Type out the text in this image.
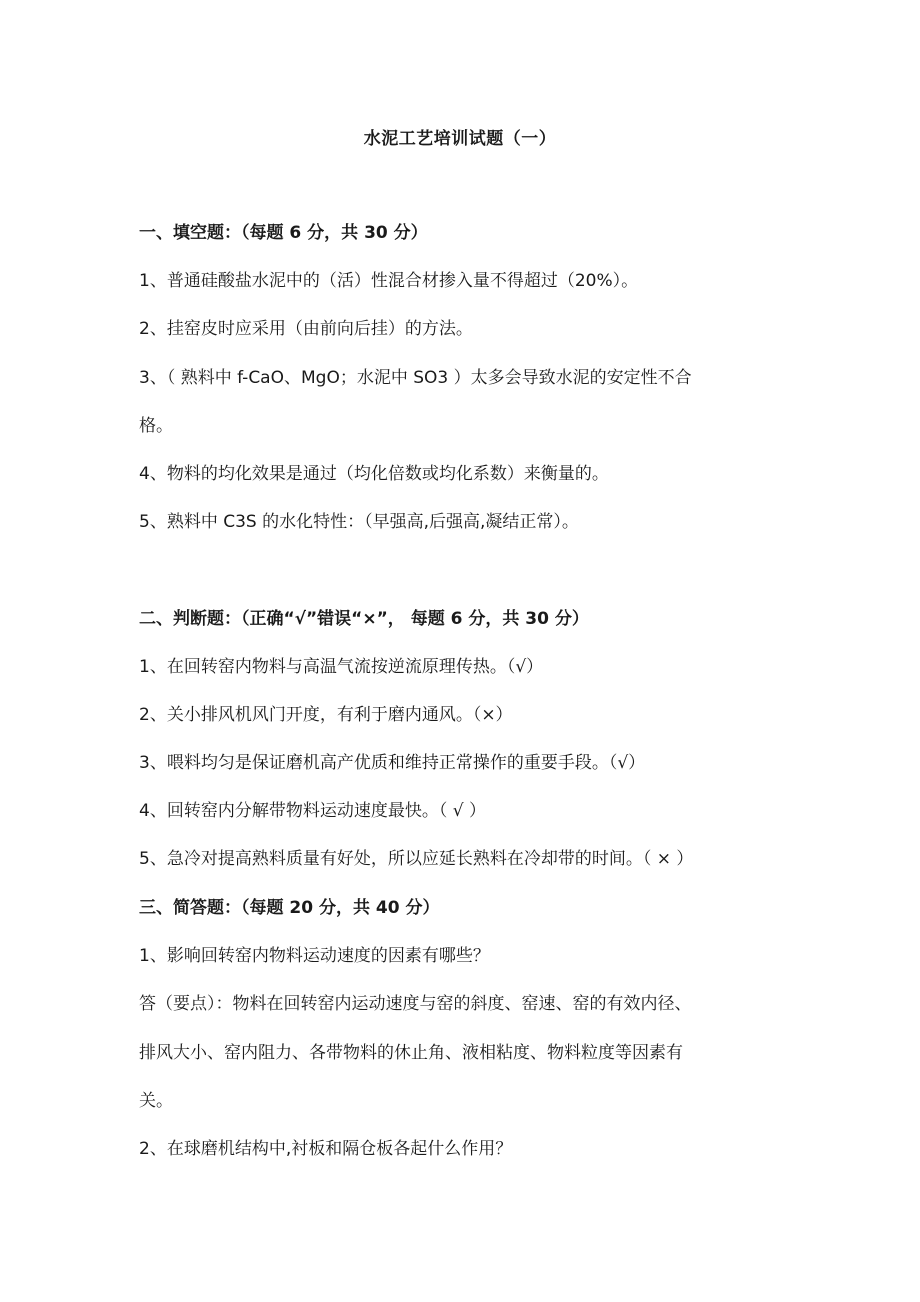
水泥工艺培训试题（一）
一、填空题：（每题 6 分，共 30 分）
1、普通硅酸盐水泥中的（活）性混合材掺入量不得超过（20%）。
2、挂窑皮时应采用（由前向后挂）的方法。
3、（ 熟料中 f-CaO、MgO；水泥中 SO3 ）太多会导致水泥的安定性不合
格。
4、物料的均化效果是通过（均化倍数或均化系数）来衡量的。
5、熟料中 C3S 的水化特性：（早强高,后强高,凝结正常）。
二、判断题：（正确“√”错误“×”， 每题 6 分，共 30 分）
1、在回转窑内物料与高温气流按逆流原理传热。（√）
2、关小排风机风门开度，有利于磨内通风。（×）
3、喂料均匀是保证磨机高产优质和维持正常操作的重要手段。（√）
4、回转窑内分解带物料运动速度最快。（ √ ）
5、急冷对提高熟料质量有好处，所以应延长熟料在冷却带的时间。（ × ）
三、简答题：（每题 20 分，共 40 分）
1、影响回转窑内物料运动速度的因素有哪些？
答（要点）：物料在回转窑内运动速度与窑的斜度、窑速、窑的有效内径、
排风大小、窑内阻力、各带物料的休止角、液相粘度、物料粒度等因素有
关。
2、在球磨机结构中,衬板和隔仓板各起什么作用？
